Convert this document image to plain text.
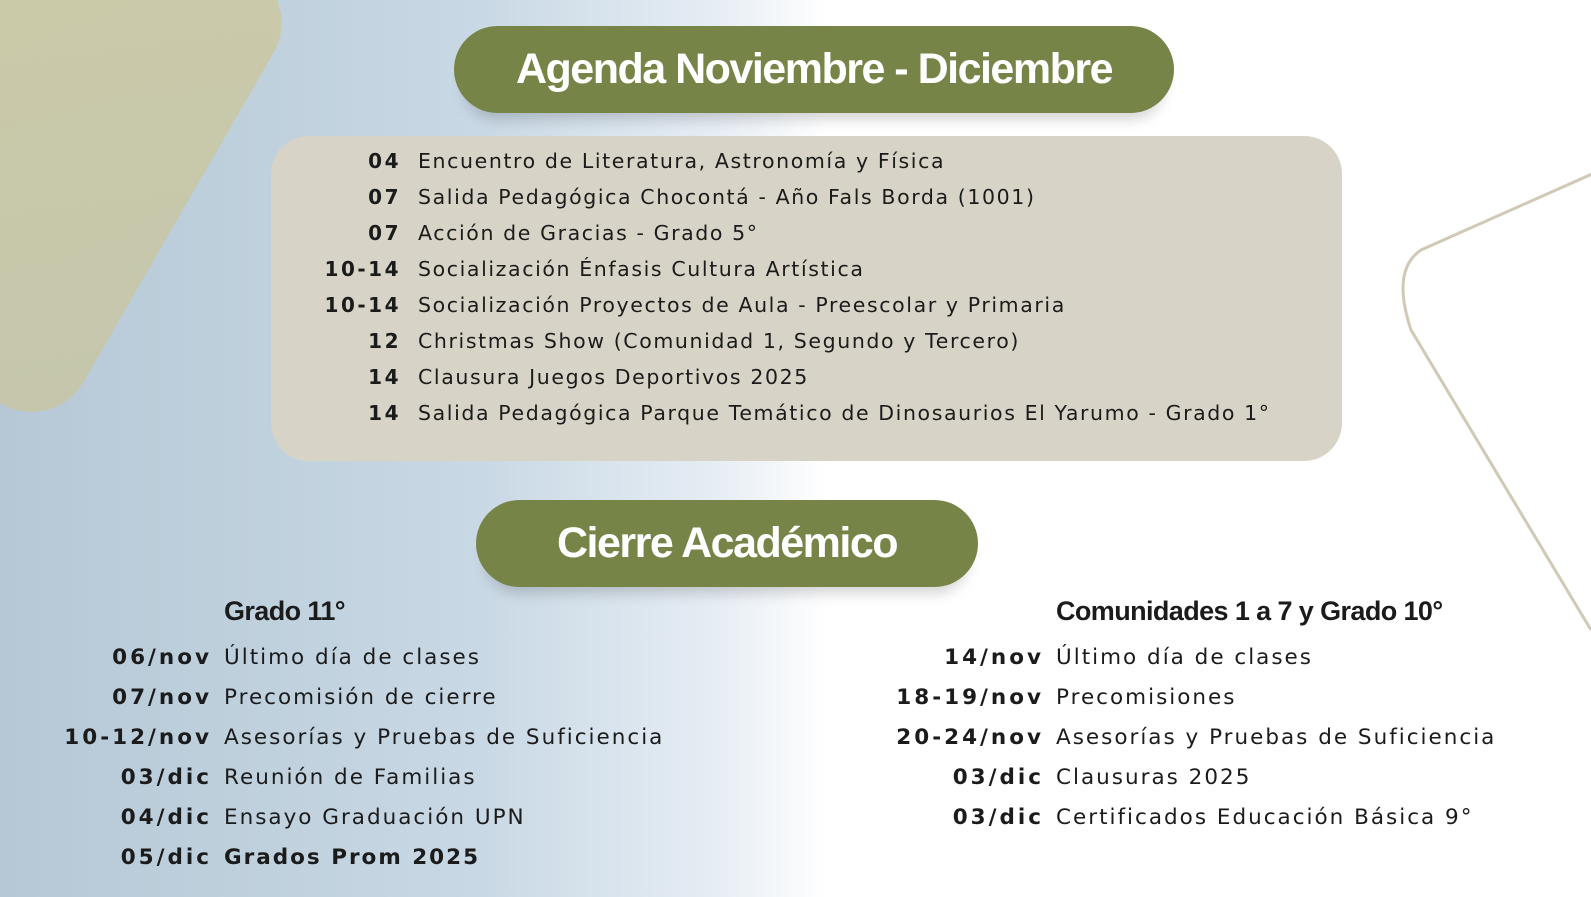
Agenda Noviembre - Diciembre
04 Encuentro de Literatura, Astronomía y Física
07 Salida Pedagógica Chocontá - Año Fals Borda (1001)
07 Acción de Gracias - Grado 5°
10-14 Socialización Énfasis Cultura Artística
10-14 Socialización Proyectos de Aula - Preescolar y Primaria
12 Christmas Show (Comunidad 1, Segundo y Tercero)
14 Clausura Juegos Deportivos 2025
14 Salida Pedagógica Parque Temático de Dinosaurios El Yarumo - Grado 1°
Cierre Académico
Grado 11°
06/nov Último día de clases
07/nov Precomisión de cierre
10-12/nov Asesorías y Pruebas de Suficiencia
03/dic Reunión de Familias
04/dic Ensayo Graduación UPN
05/dic Grados Prom 2025
Comunidades 1 a 7 y Grado 10°
14/nov Último día de clases
18-19/nov Precomisiones
20-24/nov Asesorías y Pruebas de Suficiencia
03/dic Clausuras 2025
03/dic Certificados Educación Básica 9°
